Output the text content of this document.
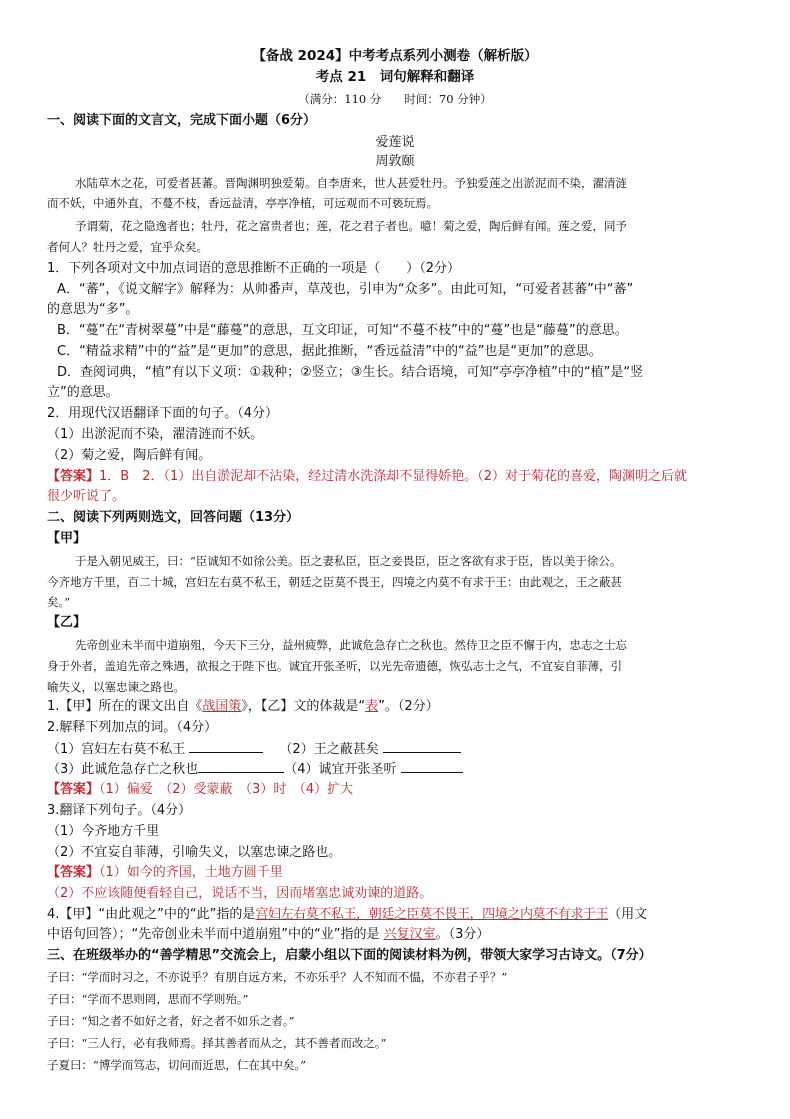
【备战 2024】中考考点系列小测卷（解析版）
考点 21　词句解释和翻译
（满分：110 分　　时间：70 分钟）
一、阅读下面的文言文，完成下面小题（6分）
爱莲说
周敦颐
水陆草木之花，可爱者甚蕃。晋陶渊明独爱菊。自李唐来，世人甚爱牡丹。予独爱莲之出淤泥而不染，濯清涟
而不妖，中通外直，不蔓不枝，香远益清，亭亭净植，可远观而不可亵玩焉。
予谓菊，花之隐逸者也；牡丹，花之富贵者也；莲，花之君子者也。噫！菊之爱，陶后鲜有闻。莲之爱，同予
者何人？牡丹之爱，宜乎众矣。
1．下列各项对文中加点词语的意思推断不正确的一项是（　　）（2分）
A．“蕃”，《说文解字》解释为：从帅番声，草茂也，引申为“众多”。由此可知，“可爱者甚蕃”中“蕃”
的意思为“多”。
B．“蔓”在“青树翠蔓”中是“藤蔓”的意思，互文印证，可知“不蔓不枝”中的“蔓”也是“藤蔓”的意思。
C．“精益求精”中的“益”是“更加”的意思，据此推断，“香远益清”中的“益”也是“更加”的意思。
D．查阅词典，“植”有以下义项：①栽种；②竖立；③生长。结合语境，可知“亭亭净植”中的“植”是“竖
立”的意思。
2．用现代汉语翻译下面的句子。（4分）
（1）出淤泥而不染，濯清涟而不妖。
（2）菊之爱，陶后鲜有闻。
【答案】1．B　2．（1）出自淤泥却不沾染，经过清水洗涤却不显得娇艳。（2）对于菊花的喜爱，陶渊明之后就
很少听说了。
二、阅读下列两则选文，回答问题（13分）
【甲】
于是入朝见威王，曰：“臣诚知不如徐公美。臣之妻私臣，臣之妾畏臣，臣之客欲有求于臣，皆以美于徐公。
今齐地方千里，百二十城，宫妇左右莫不私王，朝廷之臣莫不畏王，四境之内莫不有求于王：由此观之，王之蔽甚
矣。”
【乙】
先帝创业未半而中道崩殂，今天下三分，益州疲弊，此诚危急存亡之秋也。然侍卫之臣不懈于内，忠志之士忘
身于外者，盖追先帝之殊遇，欲报之于陛下也。诚宜开张圣听，以光先帝遗德，恢弘志士之气，不宜妄自菲薄，引
喻失义，以塞忠谏之路也。
1.【甲】所在的课文出自《战国策》，【乙】文的体裁是“表”。（2分）
2.解释下列加点的词。（4分）
（1）宫妇左右莫不私王	（2）王之蔽甚矣
（3）此诚危急存亡之秋也	（4）诚宜开张圣听
【答案】（1）偏爱　（2）受蒙蔽　（3）时　（4）扩大
3.翻译下列句子。（4分）
（1）今齐地方千里
（2）不宜妄自菲薄，引喻失义，以塞忠谏之路也。
【答案】（1）如今的齐国，土地方圆千里
（2）不应该随便看轻自己，说话不当，因而堵塞忠诚劝谏的道路。
4.【甲】“由此观之”中的“此”指的是宫妇左右莫不私王，朝廷之臣莫不畏王，四境之内莫不有求于王（用文
中语句回答）；“先帝创业未半而中道崩殂”中的“业”指的是 兴复汉室。（3分）
三、在班级举办的“善学精思”交流会上，启蒙小组以下面的阅读材料为例，带领大家学习古诗文。（7分）
子曰：“学而时习之，不亦说乎？有朋自远方来，不亦乐乎？人不知而不愠，不亦君子乎？”
子曰：“学而不思则罔，思而不学则殆。”
子曰：“知之者不如好之者，好之者不如乐之者。”
子曰：“三人行，必有我师焉。择其善者而从之，其不善者而改之。”
子夏曰：“博学而笃志，切问而近思，仁在其中矣。”
